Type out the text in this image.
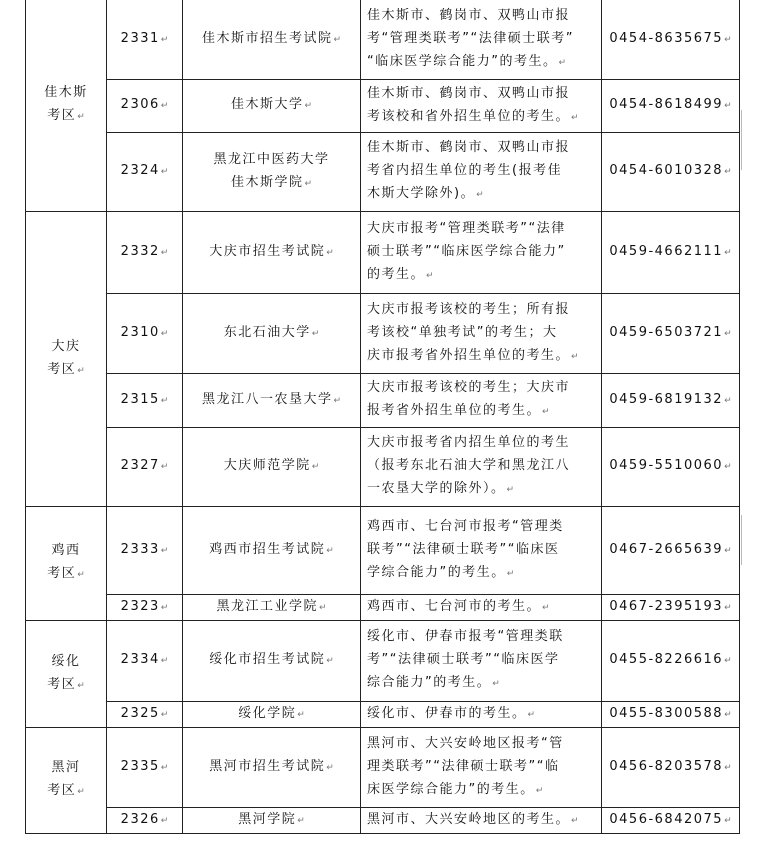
佳木斯
考区↵	2331↵	佳木斯市招生考试院↵	佳木斯市、鹤岗市、双鸭山市报
考“管理类联考”“法律硕士联考”
“临床医学综合能力”的考生。↵	0454-8635675↵

	2306↵	佳木斯大学↵	佳木斯市、鹤岗市、双鸭山市报
考该校和省外招生单位的考生。↵	0454-8618499↵

	2324↵	黑龙江中医药大学
佳木斯学院↵	佳木斯市、鹤岗市、双鸭山市报
考省内招生单位的考生(报考佳
木斯大学除外)。↵	0454-6010328↵

大庆
考区↵	2332↵	大庆市招生考试院↵	大庆市报考“管理类联考”“法律
硕士联考”“临床医学综合能力”
的考生。↵	0459-4662111↵

	2310↵	东北石油大学↵	大庆市报考该校的考生；所有报
考该校“单独考试”的考生；大
庆市报考省外招生单位的考生。↵	0459-6503721↵

	2315↵	黑龙江八一农垦大学↵	大庆市报考该校的考生；大庆市
报考省外招生单位的考生。↵	0459-6819132↵

	2327↵	大庆师范学院↵	大庆市报考省内招生单位的考生
（报考东北石油大学和黑龙江八
一农垦大学的除外）。↵	0459-5510060↵

鸡西
考区↵	2333↵	鸡西市招生考试院↵	鸡西市、七台河市报考“管理类
联考”“法律硕士联考”“临床医
学综合能力”的考生。↵	0467-2665639↵

	2323↵	黑龙江工业学院↵	鸡西市、七台河市的考生。↵	0467-2395193↵

绥化
考区↵	2334↵	绥化市招生考试院↵	绥化市、伊春市报考“管理类联
考”“法律硕士联考”“临床医学
综合能力”的考生。↵	0455-8226616↵

	2325↵	绥化学院↵	绥化市、伊春市的考生。↵	0455-8300588↵

黑河
考区↵	2335↵	黑河市招生考试院↵	黑河市、大兴安岭地区报考“管
理类联考”“法律硕士联考”“临
床医学综合能力”的考生。↵	0456-8203578↵

	2326↵	黑河学院↵	黑河市、大兴安岭地区的考生。↵	0456-6842075↵
